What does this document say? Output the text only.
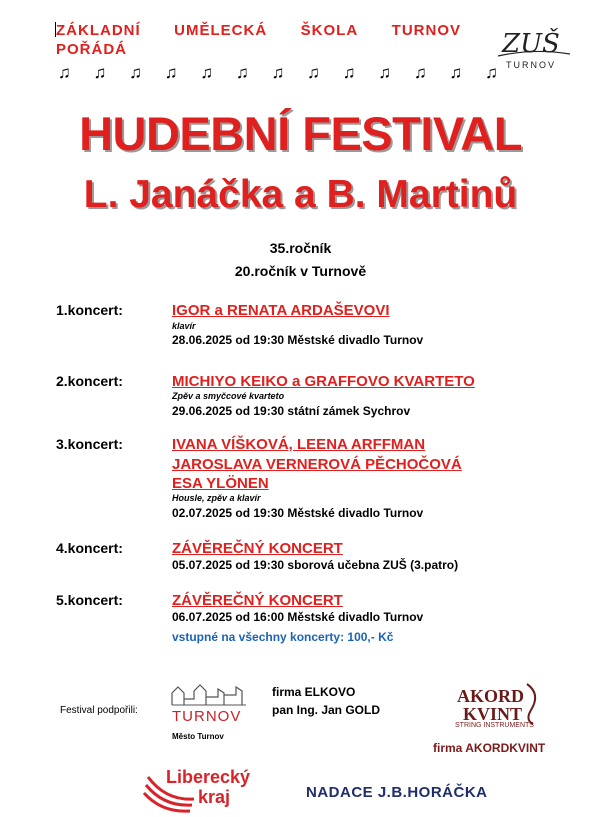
ZÁKLADNÍ UMĚLECKÁ ŠKOLA TURNOV
POŘÁDÁ
♫ ♫ ♫ ♫ ♫ ♫ ♫ ♫ ♫ ♫ ♫ ♫ ♫
ZUŠ
TURNOV
HUDEBNÍ FESTIVAL
L. Janáčka a B. Martinů
35.ročník
20.ročník v Turnově
1.koncert:	IGOR a RENATA ARDAŠEVOVI
klavír
28.06.2025 od 19:30 Městské divadlo Turnov
2.koncert:	MICHIYO KEIKO a GRAFFOVO KVARTETO
Zpěv a smyčcové kvarteto
29.06.2025 od 19:30 státní zámek Sychrov
3.koncert:	IVANA VÍŠKOVÁ, LEENA ARFFMAN
JAROSLAVA VERNEROVÁ PĚCHOČOVÁ
ESA YLÖNEN
Housle, zpěv a klavír
02.07.2025 od 19:30 Městské divadlo Turnov
4.koncert:	ZÁVĚREČNÝ KONCERT
05.07.2025 od 19:30 sborová učebna ZUŠ (3.patro)
5.koncert:	ZÁVĚREČNÝ KONCERT
06.07.2025 od 16:00 Městské divadlo Turnov
vstupné na všechny koncerty: 100,- Kč
Festival podpořili: TURNOV
Město Turnov
firma ELKOVO
pan Ing. Jan GOLD
AKORD
KVINT
STRING INSTRUMENTS
firma AKORDKVINT
Liberecký
kraj	NADACE J.B.HORÁČKA
